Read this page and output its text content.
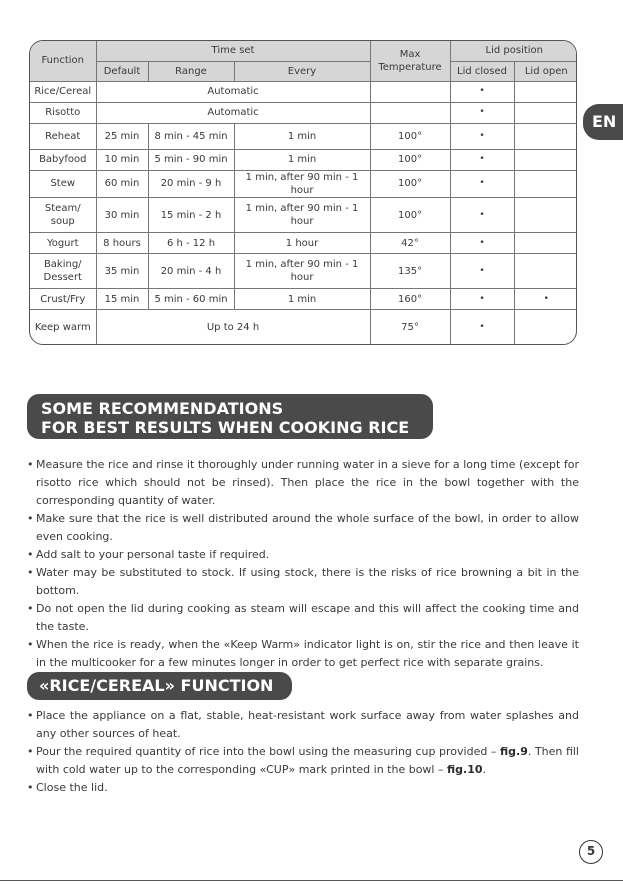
Function	Time set			Max Temperature	Lid position	
	Default	Range	Every		Lid closed	Lid open
Rice/Cereal	Automatic				•	
Risotto	Automatic				•	
Reheat	25 min	8 min - 45 min	1 min	100°	•	
Babyfood	10 min	5 min - 90 min	1 min	100°	•	
Stew	60 min	20 min - 9 h	1 min, after 90 min - 1 hour	100°	•	
Steam/ soup	30 min	15 min - 2 h	1 min, after 90 min - 1 hour	100°	•	
Yogurt	8 hours	6 h - 12 h	1 hour	42°	•	
Baking/ Dessert	35 min	20 min - 4 h	1 min, after 90 min - 1 hour	135°	•	
Crust/Fry	15 min	5 min - 60 min	1 min	160°	•	•
Keep warm	Up to 24 h			75°	•	
EN
SOME RECOMMENDATIONS
FOR BEST RESULTS WHEN COOKING RICE
• Measure the rice and rinse it thoroughly under running water in a sieve for a long time (except for risotto rice which should not be rinsed). Then place the rice in the bowl together with the corresponding quantity of water.
• Make sure that the rice is well distributed around the whole surface of the bowl, in order to allow even cooking.
• Add salt to your personal taste if required.
• Water may be substituted to stock. If using stock, there is the risks of rice browning a bit in the bottom.
• Do not open the lid during cooking as steam will escape and this will affect the cooking time and the taste.
• When the rice is ready, when the «Keep Warm» indicator light is on, stir the rice and then leave it in the multicooker for a few minutes longer in order to get perfect rice with separate grains.
«RICE/CEREAL» FUNCTION
• Place the appliance on a flat, stable, heat-resistant work surface away from water splashes and any other sources of heat.
• Pour the required quantity of rice into the bowl using the measuring cup provided – fig.9. Then fill with cold water up to the corresponding «CUP» mark printed in the bowl – fig.10.
• Close the lid.
5
